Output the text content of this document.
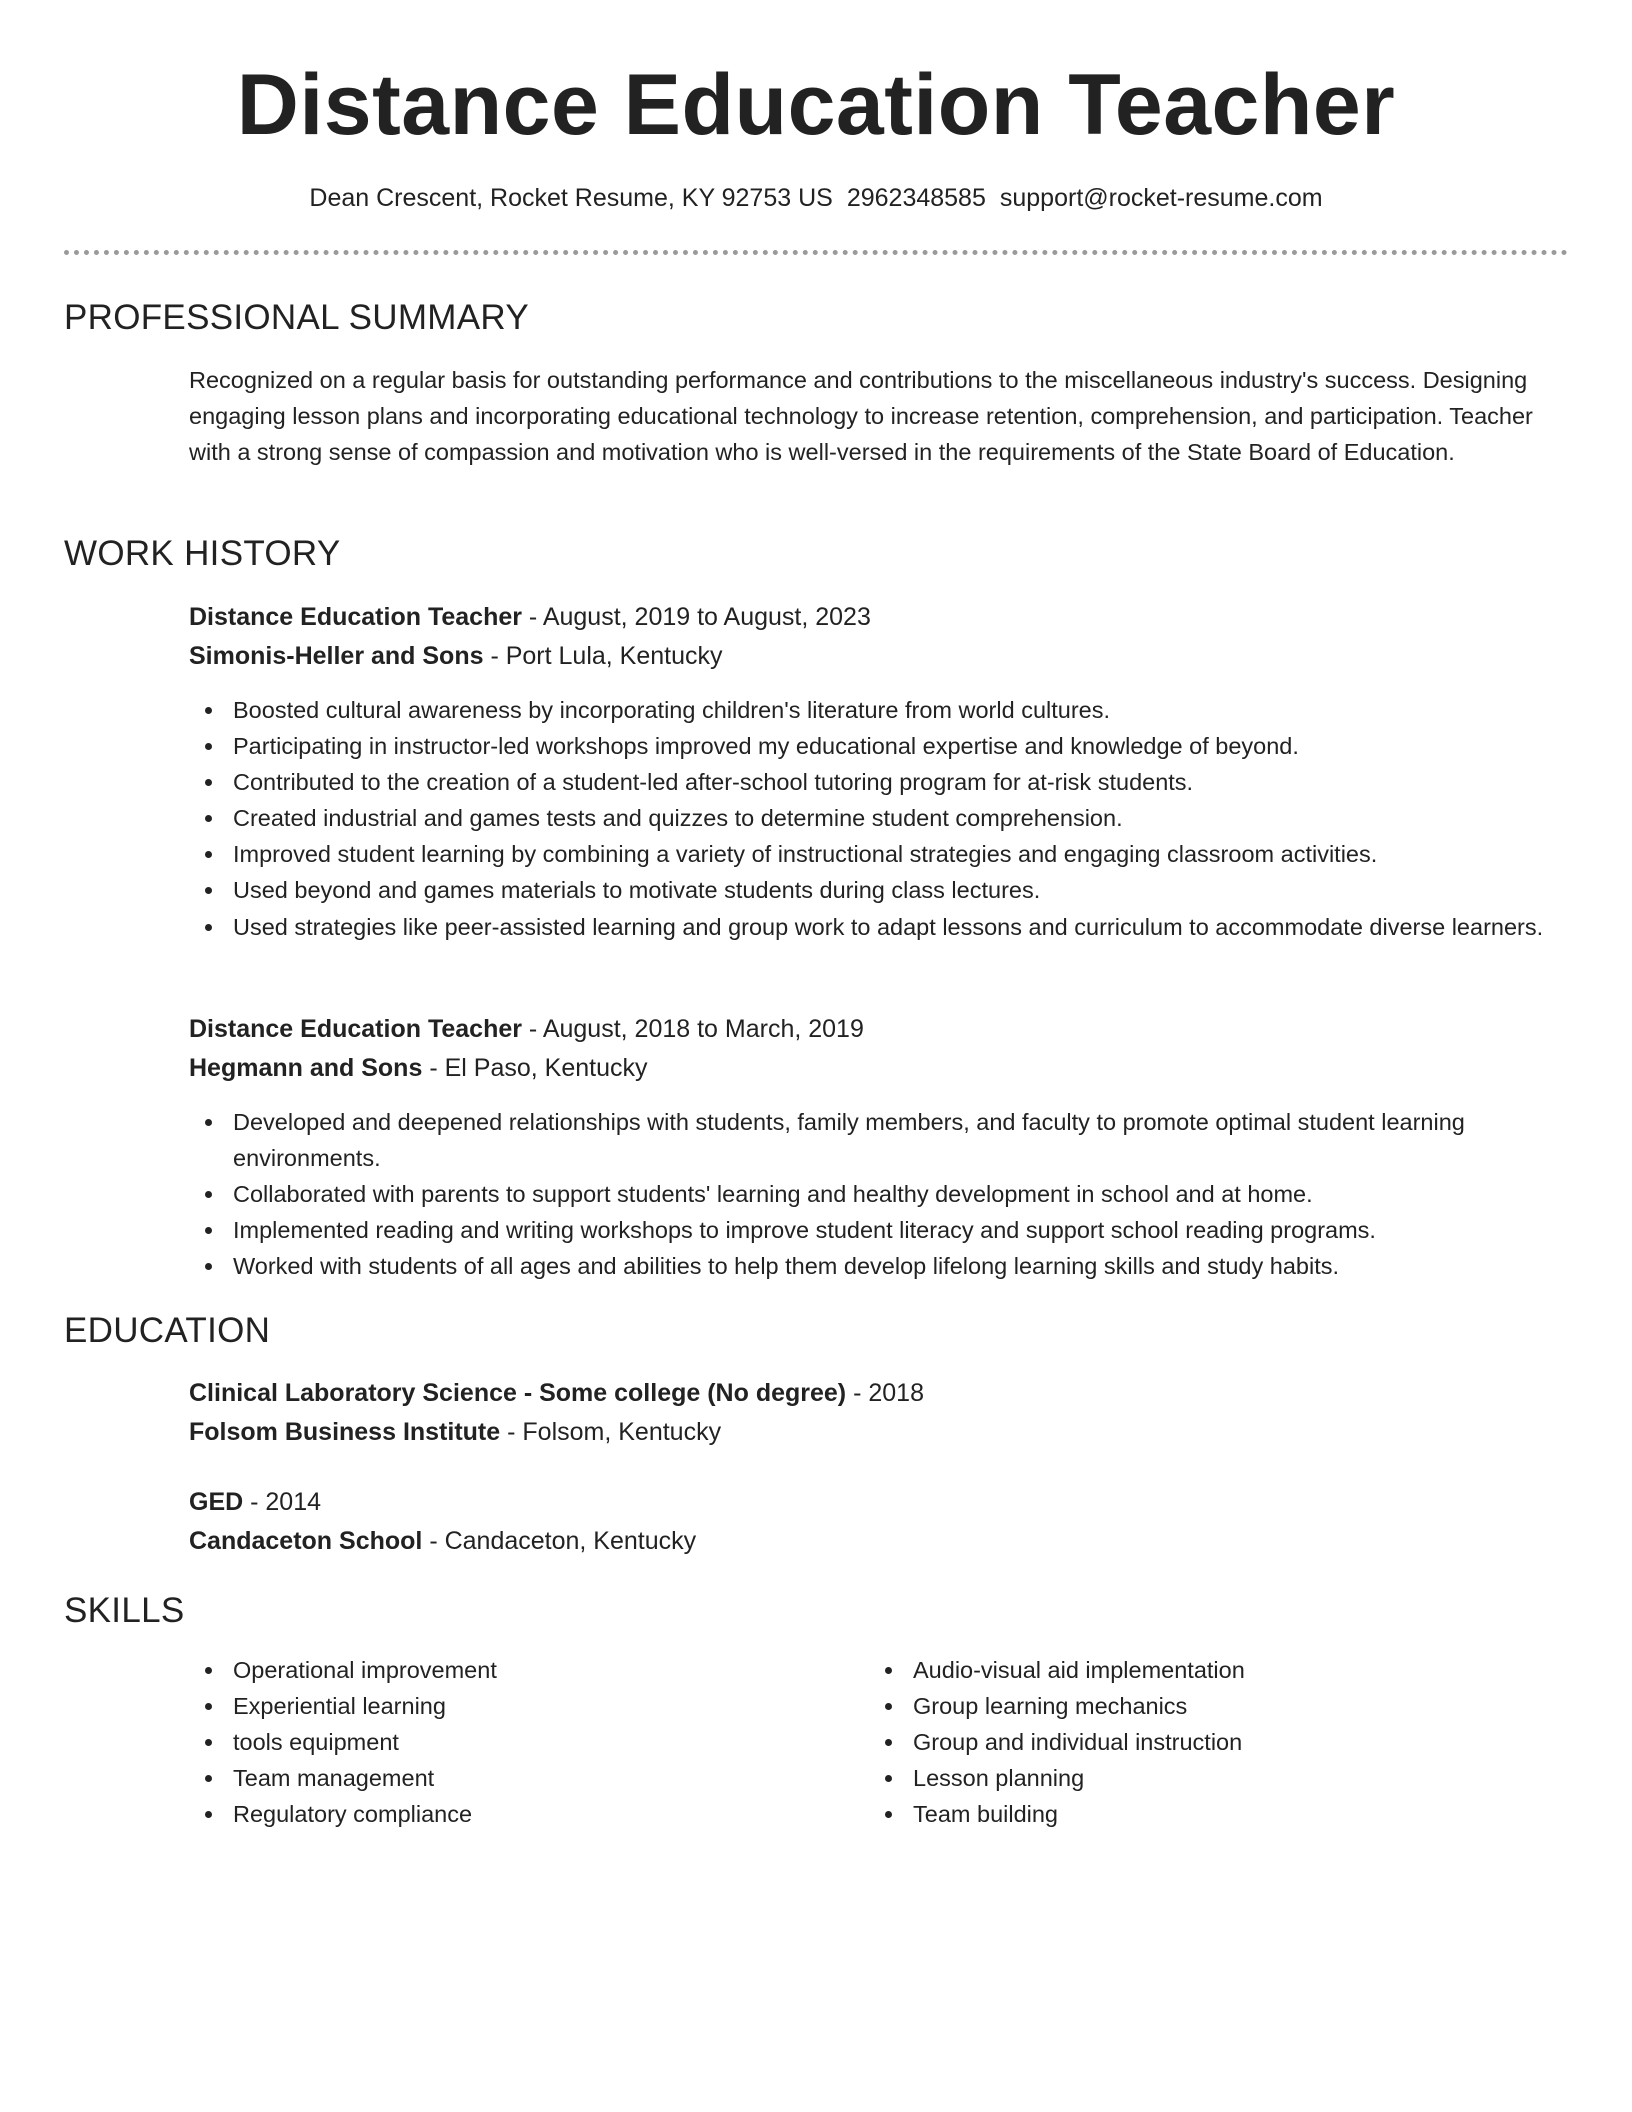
Distance Education Teacher
Dean Crescent, Rocket Resume, KY 92753 US 2962348585 support@rocket-resume.com
PROFESSIONAL SUMMARY
Recognized on a regular basis for outstanding performance and contributions to the miscellaneous industry's success. Designing engaging lesson plans and incorporating educational technology to increase retention, comprehension, and participation. Teacher with a strong sense of compassion and motivation who is well-versed in the requirements of the State Board of Education.
WORK HISTORY
Distance Education Teacher - August, 2019 to August, 2023
Simonis-Heller and Sons - Port Lula, Kentucky
Boosted cultural awareness by incorporating children's literature from world cultures.
Participating in instructor-led workshops improved my educational expertise and knowledge of beyond.
Contributed to the creation of a student-led after-school tutoring program for at-risk students.
Created industrial and games tests and quizzes to determine student comprehension.
Improved student learning by combining a variety of instructional strategies and engaging classroom activities.
Used beyond and games materials to motivate students during class lectures.
Used strategies like peer-assisted learning and group work to adapt lessons and curriculum to accommodate diverse learners.
Distance Education Teacher - August, 2018 to March, 2019
Hegmann and Sons - El Paso, Kentucky
Developed and deepened relationships with students, family members, and faculty to promote optimal student learning environments.
Collaborated with parents to support students' learning and healthy development in school and at home.
Implemented reading and writing workshops to improve student literacy and support school reading programs.
Worked with students of all ages and abilities to help them develop lifelong learning skills and study habits.
EDUCATION
Clinical Laboratory Science - Some college (No degree) - 2018
Folsom Business Institute - Folsom, Kentucky
GED - 2014
Candaceton School - Candaceton, Kentucky
SKILLS
Operational improvement
Experiential learning
tools equipment
Team management
Regulatory compliance
Audio-visual aid implementation
Group learning mechanics
Group and individual instruction
Lesson planning
Team building
